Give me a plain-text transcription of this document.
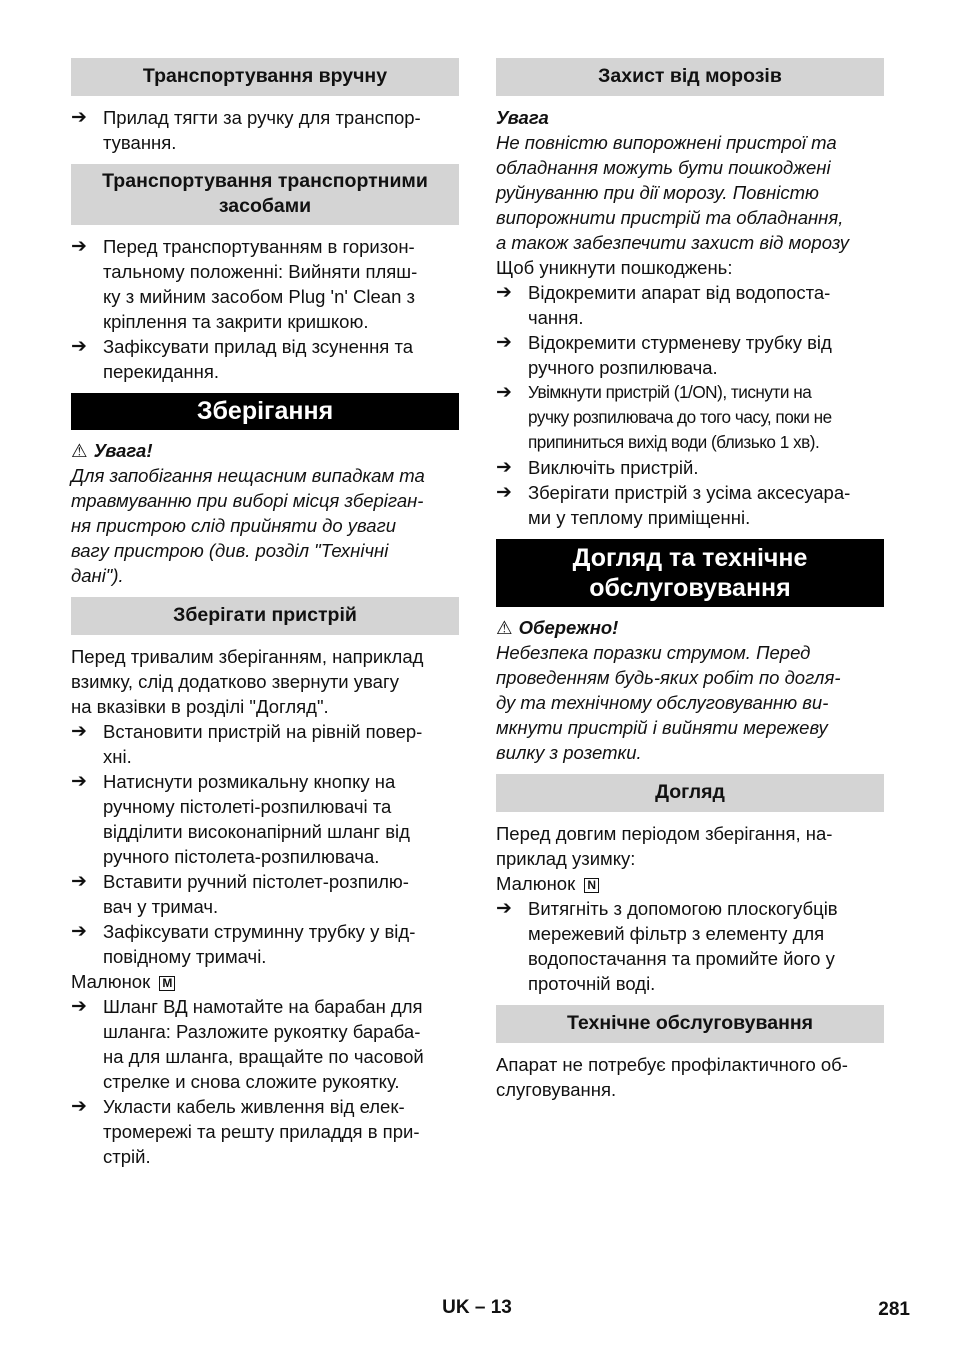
Транспортування вручну
➔ Прилад тягти за ручку для транспор-
тування.
Транспортування транспортними
засобами
➔ Перед транспортуванням в горизон-
тальному положенні: Вийняти пляш-
ку з мийним засобом Plug 'n' Clean з
кріплення та закрити кришкою.
➔ Зафіксувати прилад від зсунення та
перекидання.
Зберігання
⚠ Увага!
Для запобігання нещасним випадкам та
травмуванню при виборі місця зберіган-
ня пристрою слід прийняти до уваги
вагу пристрою (див. розділ "Технічні
дані").
Зберігати пристрій
Перед тривалим зберіганням, наприклад
взимку, слід додатково звернути увагу
на вказівки в розділі "Догляд".
➔ Встановити пристрій на рівній повер-
хні.
➔ Натиснути розмикальну кнопку на
ручному пістолеті-розпилювачі та
відділити високонапірний шланг від
ручного пістолета-розпилювача.
➔ Вставити ручний пістолет-розпилю-
вач у тримач.
➔ Зафіксувати струминну трубку у від-
повідному тримачі.
Малюнок M
➔ Шланг ВД намотайте на барабан для
шланга: Разложите рукоятку бараба-
на для шланга, вращайте по часовой
стрелке и снова сложите рукоятку.
➔ Укласти кабель живлення від елек-
тромережі та решту приладдя в при-
стрій.
Захист від морозів
Увага
Не повністю випорожнені пристрої та
обладнання можуть бути пошкоджені
руйнуванню при дії морозу. Повністю
випорожнити пристрій та обладнання,
а також забезпечити захист від морозу
Щоб уникнути пошкоджень:
➔ Відокремити апарат від водопоста-
чання.
➔ Відокремити стурменеву трубку від
ручного розпилювача.
➔ Увімкнути пристрій (1/ON), тиснути на
ручку розпилювача до того часу, поки не
припиниться вихід води (близько 1 хв).
➔ Виключіть пристрій.
➔ Зберігати пристрій з усіма аксесуара-
ми у теплому приміщенні.
Догляд та технічне
обслуговування
⚠ Обережно!
Небезпека поразки струмом. Перед
проведенням будь-яких робіт по догля-
ду та технічному обслуговуванню ви-
мкнути пристрій і вийняти мережеву
вилку з розетки.
Догляд
Перед довгим періодом зберігання, на-
приклад узимку:
Малюнок N
➔ Витягніть з допомогою плоскогубців
мережевий фільтр з елементу для
водопостачання та промийте його у
проточній воді.
Технічне обслуговування
Апарат не потребує профілактичного об-
слуговування.
UK – 13	281
